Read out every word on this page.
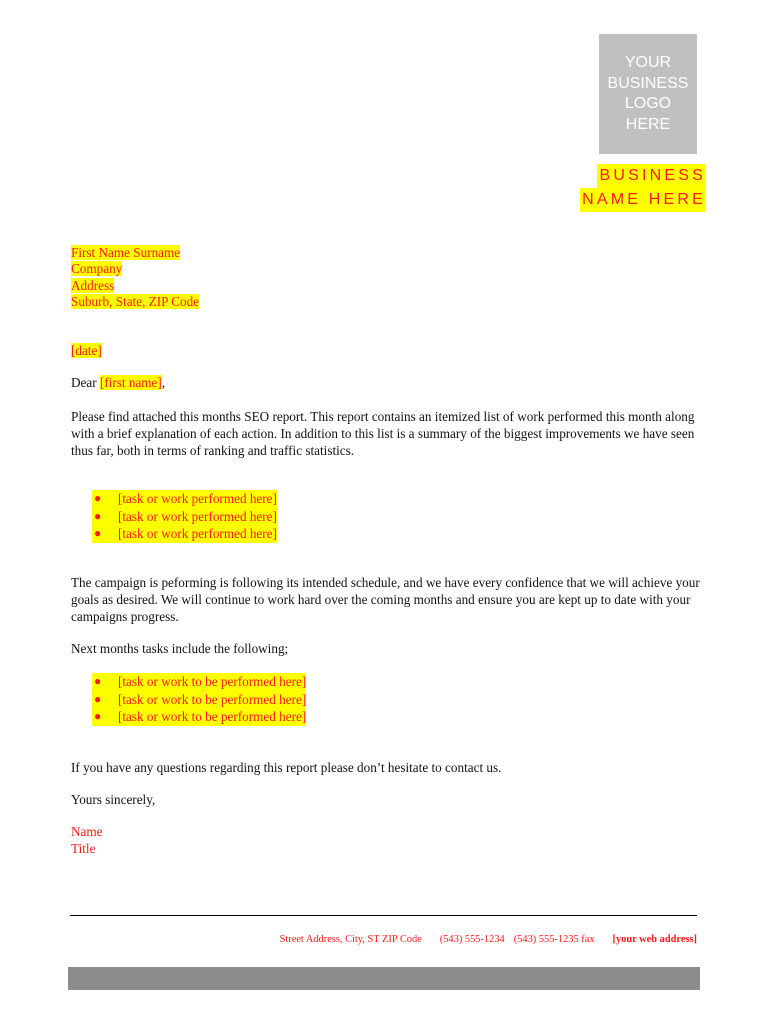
YOUR
BUSINESS
LOGO
HERE
BUSINESS
NAME HERE
First Name Surname
Company
Address
Suburb, State, ZIP Code
[date]
Dear [first name],
Please find attached this months SEO report. This report contains an itemized list of work performed this month along with a brief explanation of each action. In addition to this list is a summary of the biggest improvements we have seen thus far, both in terms of ranking and traffic statistics.
●	[task or work performed here]
●	[task or work performed here]
●	[task or work performed here]
The campaign is peforming is following its intended schedule, and we have every confidence that we will achieve your goals as desired. We will continue to work hard over the coming months and ensure you are kept up to date with your campaigns progress.
Next months tasks include the following;
●	[task or work to be performed here]
●	[task or work to be performed here]
●	[task or work to be performed here]
If you have any questions regarding this report please don’t hesitate to contact us.
Yours sincerely,
Name
Title
Street Address, City, ST ZIP Code (543) 555-1234 (543) 555-1235 fax [your web address]
